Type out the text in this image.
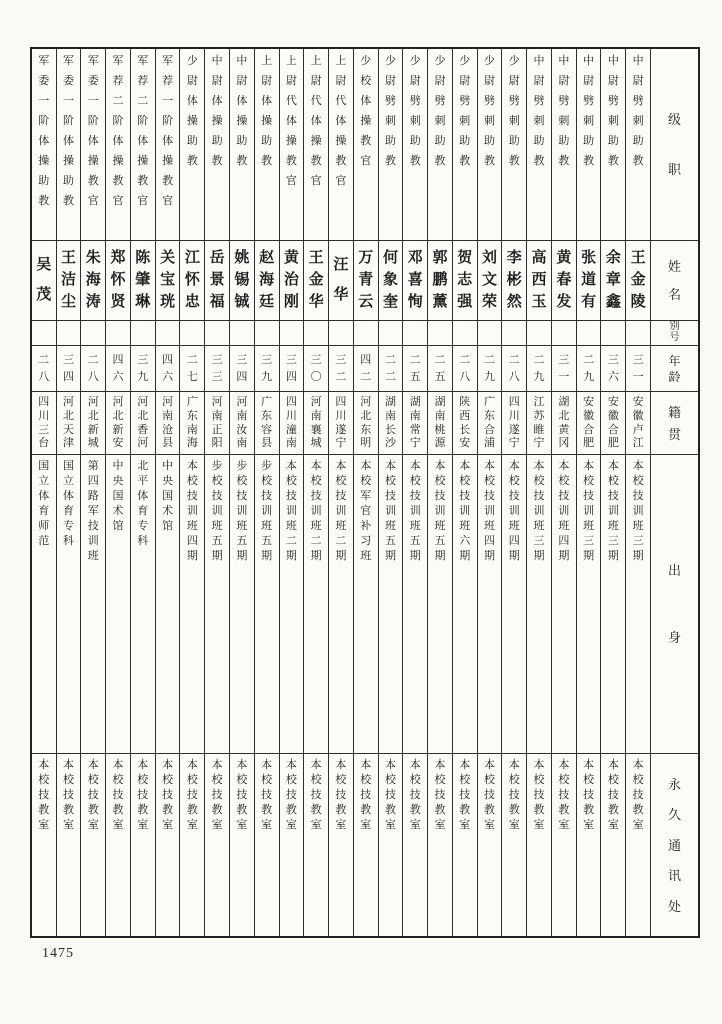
级
职
姓
名
别
号
年
龄
籍
贯
出
身
永
久
通
讯
处
中
尉
劈
刺
助
教
王
金
陵
三
一
安
徽
卢
江
本
校
技
训
班
三
期
本
校
技
教
室
中
尉
劈
刺
助
教
余
章
鑫
三
六
安
徽
合
肥
本
校
技
训
班
三
期
本
校
技
教
室
中
尉
劈
刺
助
教
张
道
有
二
九
安
徽
合
肥
本
校
技
训
班
三
期
本
校
技
教
室
中
尉
劈
刺
助
教
黄
春
发
三
一
湖
北
黄
冈
本
校
技
训
班
四
期
本
校
技
教
室
中
尉
劈
刺
助
教
高
西
玉
二
九
江
苏
睢
宁
本
校
技
训
班
三
期
本
校
技
教
室
少
尉
劈
刺
助
教
李
彬
然
二
八
四
川
遂
宁
本
校
技
训
班
四
期
本
校
技
教
室
少
尉
劈
刺
助
教
刘
文
荣
二
九
广
东
合
浦
本
校
技
训
班
四
期
本
校
技
教
室
少
尉
劈
刺
助
教
贺
志
强
二
八
陕
西
长
安
本
校
技
训
班
六
期
本
校
技
教
室
少
尉
劈
刺
助
教
郭
鹏
薰
二
五
湖
南
桃
源
本
校
技
训
班
五
期
本
校
技
教
室
少
尉
劈
刺
助
教
邓
喜
恂
二
五
湖
南
常
宁
本
校
技
训
班
五
期
本
校
技
教
室
少
尉
劈
刺
助
教
何
象
奎
二
二
湖
南
长
沙
本
校
技
训
班
五
期
本
校
技
教
室
少
校
体
操
教
官
万
青
云
四
二
河
北
东
明
本
校
军
官
补
习
班
本
校
技
教
室
上
尉
代
体
操
教
官
汪
华
三
二
四
川
遂
宁
本
校
技
训
班
二
期
本
校
技
教
室
上
尉
代
体
操
教
官
王
金
华
三
〇
河
南
襄
城
本
校
技
训
班
二
期
本
校
技
教
室
上
尉
代
体
操
教
官
黄
治
刚
三
四
四
川
潼
南
本
校
技
训
班
二
期
本
校
技
教
室
上
尉
体
操
助
教
赵
海
廷
三
九
广
东
容
县
步
校
技
训
班
五
期
本
校
技
教
室
中
尉
体
操
助
教
姚
锡
铖
三
四
河
南
汝
南
步
校
技
训
班
五
期
本
校
技
教
室
中
尉
体
操
助
教
岳
景
福
三
三
河
南
正
阳
步
校
技
训
班
五
期
本
校
技
教
室
少
尉
体
操
助
教
江
怀
忠
二
七
广
东
南
海
本
校
技
训
班
四
期
本
校
技
教
室
军
荐
一
阶
体
操
教
官
关
宝
珖
四
六
河
南
沧
县
中
央
国
术
馆
本
校
技
教
室
军
荐
二
阶
体
操
教
官
陈
肇
琳
三
九
河
北
香
河
北
平
体
育
专
科
本
校
技
教
室
军
荐
二
阶
体
操
教
官
郑
怀
贤
四
六
河
北
新
安
中
央
国
术
馆
本
校
技
教
室
军
委
一
阶
体
操
教
官
朱
海
涛
二
八
河
北
新
城
第
四
路
军
技
训
班
本
校
技
教
室
军
委
一
阶
体
操
助
教
王
洁
尘
三
四
河
北
天
津
国
立
体
育
专
科
本
校
技
教
室
军
委
一
阶
体
操
助
教
吴
茂
二
八
四
川
三
台
国
立
体
育
师
范
本
校
技
教
室
1475
